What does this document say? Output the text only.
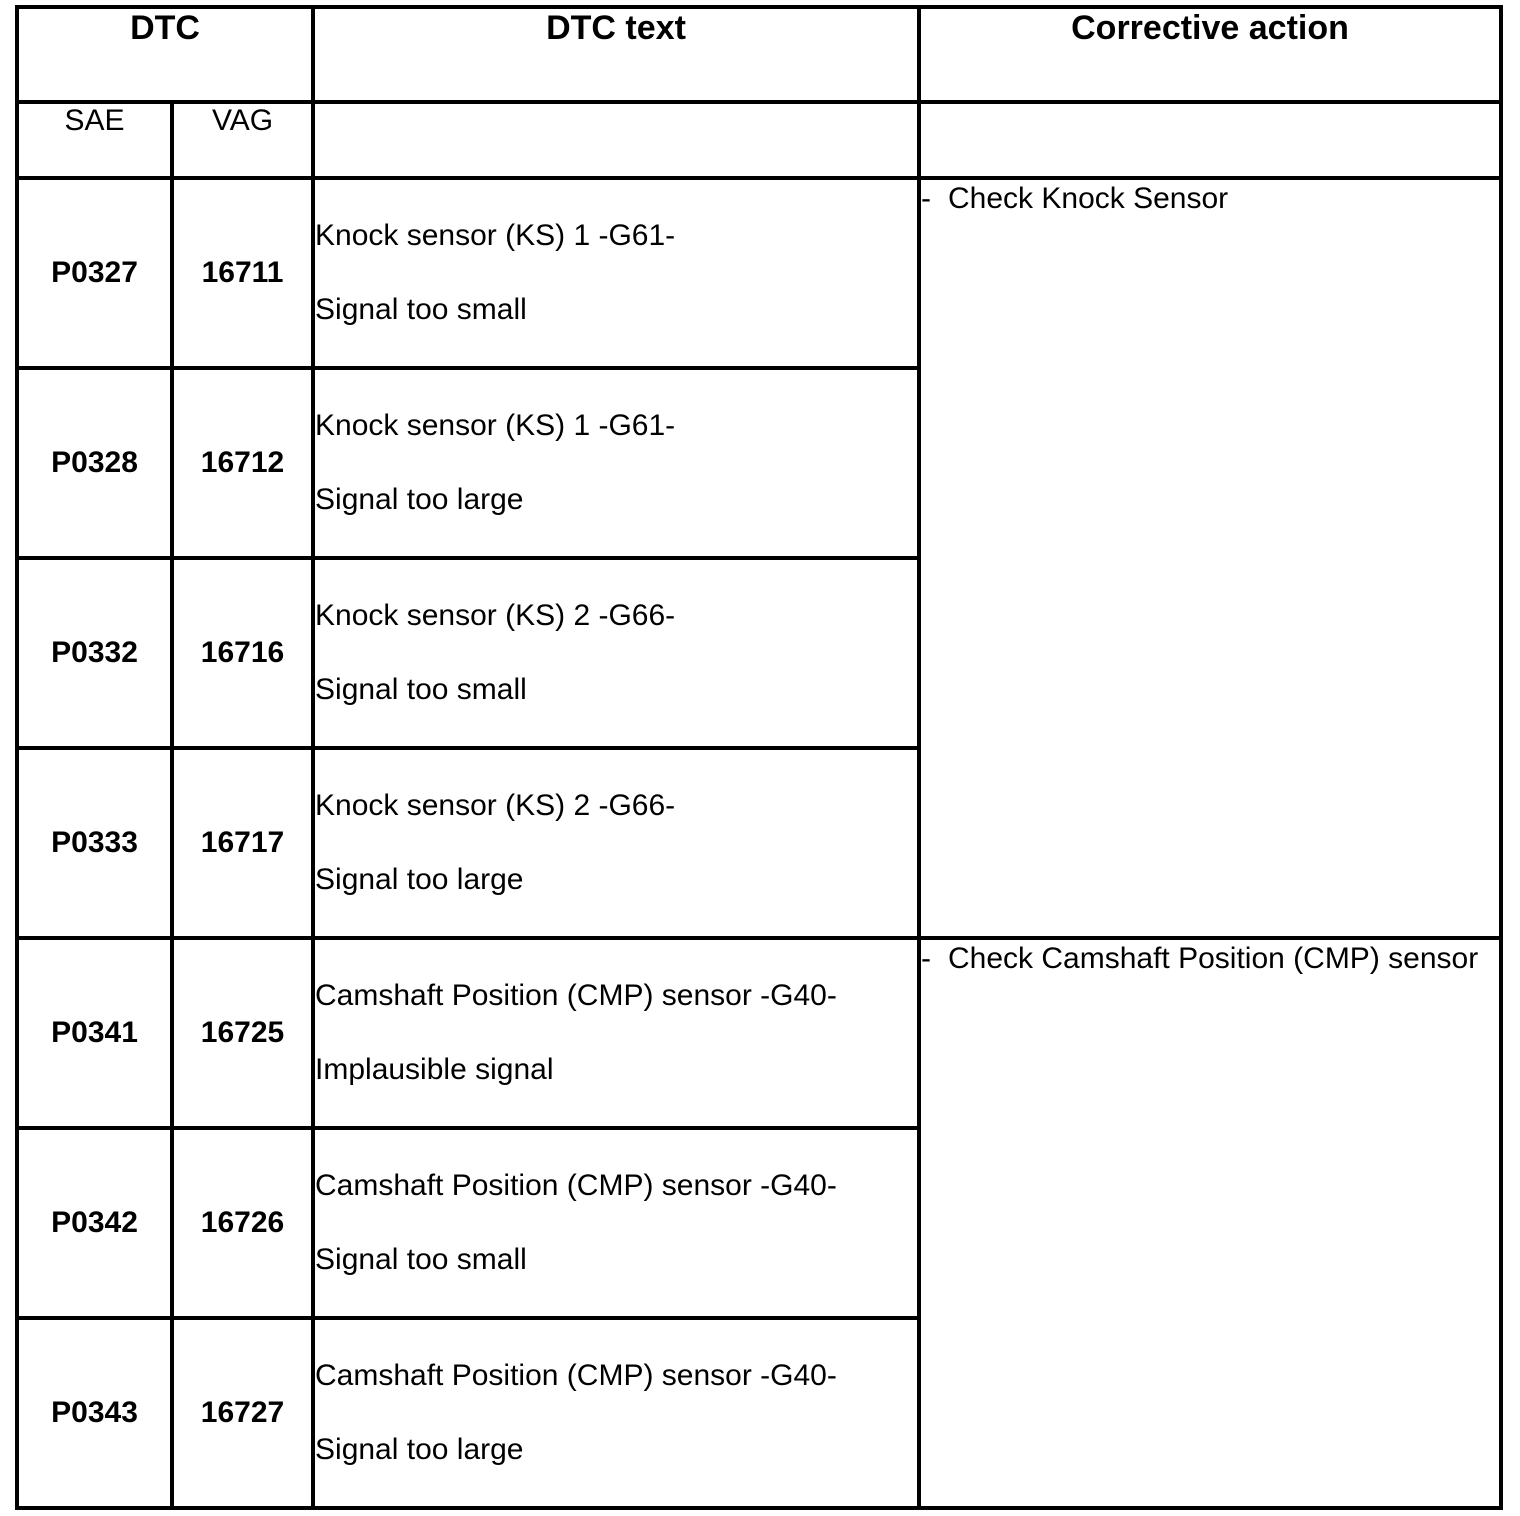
DTC		DTC text	Corrective action
SAE	VAG		
P0327	16711	Knock sensor (KS) 1 -G61-
Signal too small	- Check Knock Sensor

P0328	16712	Knock sensor (KS) 1 -G61-
Signal too large	

P0332	16716	Knock sensor (KS) 2 -G66-
Signal too small	

P0333	16717	Knock sensor (KS) 2 -G66-
Signal too large	

P0341	16725	Camshaft Position (CMP) sensor -G40-
Implausible signal	- Check Camshaft Position (CMP) sensor

P0342	16726	Camshaft Position (CMP) sensor -G40-
Signal too small	

P0343	16727	Camshaft Position (CMP) sensor -G40-
Signal too large	
